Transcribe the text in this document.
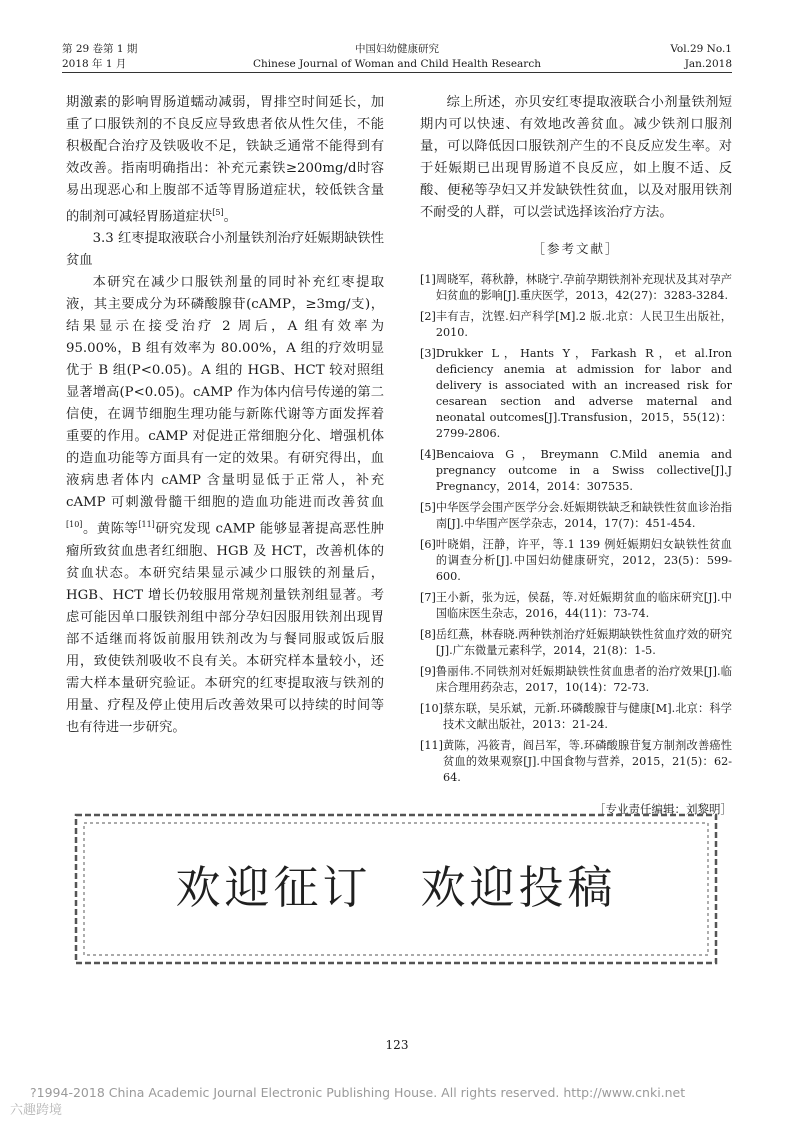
第 29 卷第 1 期
2018 年 1 月
中国妇幼健康研究
Chinese Journal of Woman and Child Health Research
Vol.29 No.1
Jan.2018

期激素的影响胃肠道蠕动减弱，胃排空时间延长，加重了口服铁剂的不良反应导致患者依从性欠佳，不能积极配合治疗及铁吸收不足，铁缺乏通常不能得到有效改善。指南明确指出：补充元素铁≥200mg/d时容易出现恶心和上腹部不适等胃肠道症状，较低铁含量的制剂可减轻胃肠道症状[5]。

3.3 红枣提取液联合小剂量铁剂治疗妊娠期缺铁性贫血

本研究在减少口服铁剂量的同时补充红枣提取液，其主要成分为环磷酸腺苷(cAMP，≥3mg/支)，结果显示在接受治疗 2 周后，A 组有效率为 95.00%，B 组有效率为 80.00%，A 组的疗效明显优于 B 组(P<0.05)。A 组的 HGB、HCT 较对照组显著增高(P<0.05)。cAMP 作为体内信号传递的第二信使，在调节细胞生理功能与新陈代谢等方面发挥着重要的作用。cAMP 对促进正常细胞分化、增强机体的造血功能等方面具有一定的效果。有研究得出，血液病患者体内 cAMP 含量明显低于正常人，补充 cAMP 可刺激骨髓干细胞的造血功能进而改善贫血[10]。黄陈等[11]研究发现 cAMP 能够显著提高恶性肿瘤所致贫血患者红细胞、HGB 及 HCT，改善机体的贫血状态。本研究结果显示减少口服铁的剂量后，HGB、HCT 增长仍较服用常规剂量铁剂组显著。考虑可能因单口服铁剂组中部分孕妇因服用铁剂出现胃部不适继而将饭前服用铁剂改为与餐同服或饭后服用，致使铁剂吸收不良有关。本研究样本量较小，还需大样本量研究验证。本研究的红枣提取液与铁剂的用量、疗程及停止使用后改善效果可以持续的时间等也有待进一步研究。

综上所述，亦贝安红枣提取液联合小剂量铁剂短期内可以快速、有效地改善贫血。减少铁剂口服剂量，可以降低因口服铁剂产生的不良反应发生率。对于妊娠期已出现胃肠道不良反应，如上腹不适、反酸、便秘等孕妇又并发缺铁性贫血，以及对服用铁剂不耐受的人群，可以尝试选择该治疗方法。

［参考文献］
[1] 周晓军，蒋秋静，林晓宁.孕前孕期铁剂补充现状及其对孕产妇贫血的影响[J].重庆医学，2013，42(27)：3283-3284.
[2] 丰有吉，沈铿.妇产科学[M].2 版.北京：人民卫生出版社，2010.
[3] Drukker L，Hants Y，Farkash R，et al.Iron deficiency anemia at admission for labor and delivery is associated with an increased risk for cesarean section and adverse maternal and neonatal outcomes[J].Transfusion，2015，55(12)：2799-2806.
[4] Bencaiova G，Breymann C.Mild anemia and pregnancy outcome in a Swiss collective[J].J Pregnancy，2014，2014：307535.
[5] 中华医学会围产医学分会.妊娠期铁缺乏和缺铁性贫血诊治指南[J].中华围产医学杂志，2014，17(7)：451-454.
[6] 叶晓娟，汪静，许平，等.1 139 例妊娠期妇女缺铁性贫血的调查分析[J].中国妇幼健康研究，2012，23(5)：599-600.
[7] 王小新，张为远，侯磊，等.对妊娠期贫血的临床研究[J].中国临床医生杂志，2016，44(11)：73-74.
[8] 岳红燕，林春晓.两种铁剂治疗妊娠期缺铁性贫血疗效的研究[J].广东微量元素科学，2014，21(8)：1-5.
[9] 鲁丽伟.不同铁剂对妊娠期缺铁性贫血患者的治疗效果[J].临床合理用药杂志，2017，10(14)：72-73.
[10] 蔡东联，吴乐斌，元新.环磷酸腺苷与健康[M].北京：科学技术文献出版社，2013：21-24.
[11] 黄陈，冯筱青，阎吕军，等.环磷酸腺苷复方制剂改善癌性贫血的效果观察[J].中国食物与营养，2015，21(5)：62-64.
［专业责任编辑：刘黎明］
欢迎征订　欢迎投稿
123
?1994-2018 China Academic Journal Electronic Publishing House. All rights reserved. http://www.cnki.net
六趣跨境
